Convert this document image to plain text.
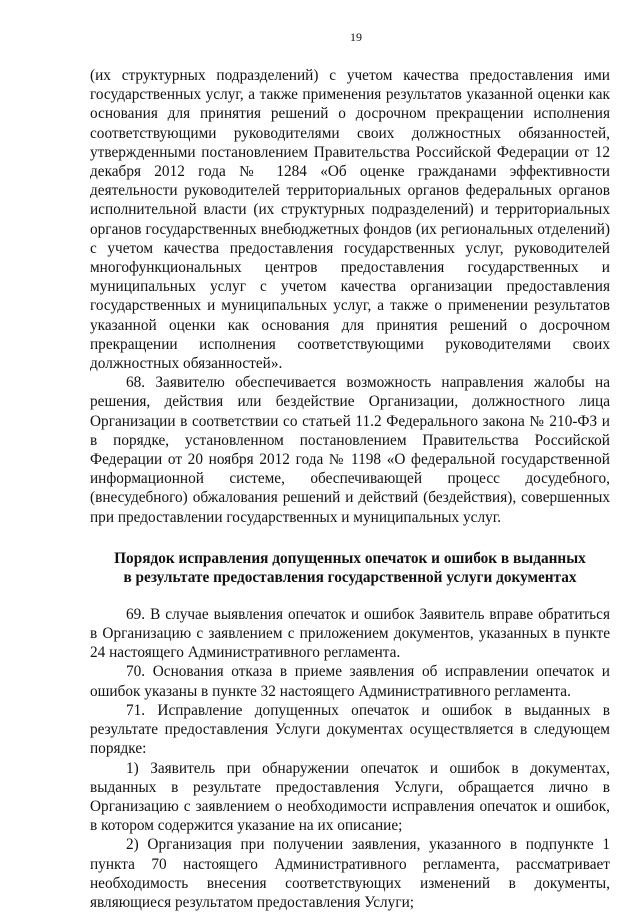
19

(их структурных подразделений) с учетом качества предоставления ими государственных услуг, а также применения результатов указанной оценки как основания для принятия решений о досрочном прекращении исполнения соответствующими руководителями своих должностных обязанностей, утвержденными постановлением Правительства Российской Федерации от 12 декабря 2012 года № 1284 «Об оценке гражданами эффективности деятельности руководителей территориальных органов федеральных органов исполнительной власти (их структурных подразделений) и территориальных органов государственных внебюджетных фондов (их региональных отделений) с учетом качества предоставления государственных услуг, руководителей многофункциональных центров предоставления государственных и муниципальных услуг с учетом качества организации предоставления государственных и муниципальных услуг, а также о применении результатов указанной оценки как основания для принятия решений о досрочном прекращении исполнения соответствующими руководителями своих должностных обязанностей».

68. Заявителю обеспечивается возможность направления жалобы на решения, действия или бездействие Организации, должностного лица Организации в соответствии со статьей 11.2 Федерального закона № 210-ФЗ и в порядке, установленном постановлением Правительства Российской Федерации от 20 ноября 2012 года № 1198 «О федеральной государственной информационной системе, обеспечивающей процесс досудебного, (внесудебного) обжалования решений и действий (бездействия), совершенных при предоставлении государственных и муниципальных услуг.

Порядок исправления допущенных опечаток и ошибок в выданных
в результате предоставления государственной услуги документах

69. В случае выявления опечаток и ошибок Заявитель вправе обратиться в Организацию с заявлением с приложением документов, указанных в пункте 24 настоящего Административного регламента.

70. Основания отказа в приеме заявления об исправлении опечаток и ошибок указаны в пункте 32 настоящего Административного регламента.

71. Исправление допущенных опечаток и ошибок в выданных в результате предоставления Услуги документах осуществляется в следующем порядке:

1) Заявитель при обнаружении опечаток и ошибок в документах, выданных в результате предоставления Услуги, обращается лично в Организацию с заявлением о необходимости исправления опечаток и ошибок, в котором содержится указание на их описание;

2) Организация при получении заявления, указанного в подпункте 1 пункта 70 настоящего Административного регламента, рассматривает необходимость внесения соответствующих изменений в документы, являющиеся результатом предоставления Услуги;
